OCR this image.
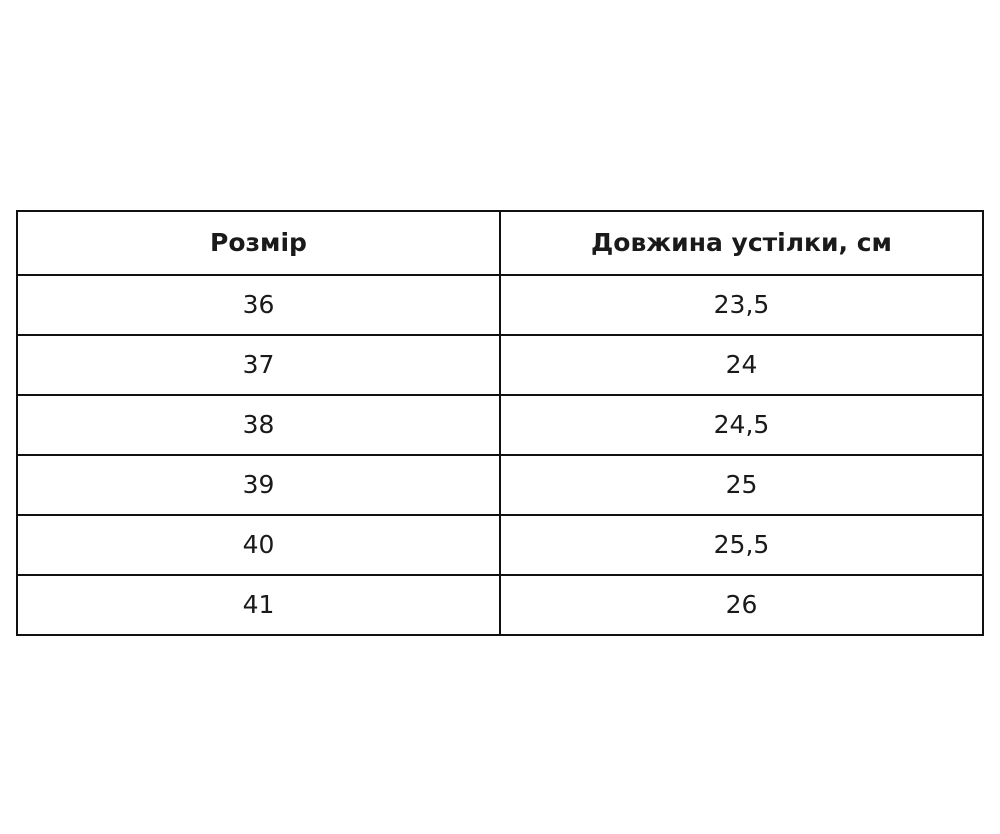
Розмір	Довжина устілки, см
36	23,5
37	24
38	24,5
39	25
40	25,5
41	26
